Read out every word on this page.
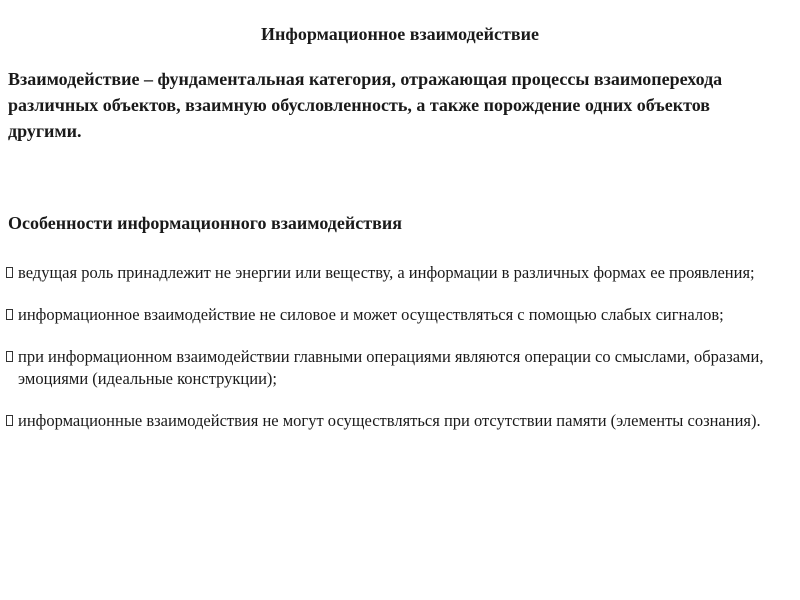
Информационное взаимодействие
Взаимодействие – фундаментальная категория, отражающая процессы взаимоперехода различных объектов, взаимную обусловленность, а также порождение одних объектов другими.
Особенности информационного взаимодействия
ведущая роль принадлежит не энергии или веществу, а информации в различных формах ее проявления;
информационное взаимодействие не силовое и может осуществляться с помощью слабых сигналов;
при информационном взаимодействии главными операциями являются операции со смыслами, образами, эмоциями (идеальные конструкции);
информационные взаимодействия не могут осуществляться при отсутствии памяти (элементы сознания).
